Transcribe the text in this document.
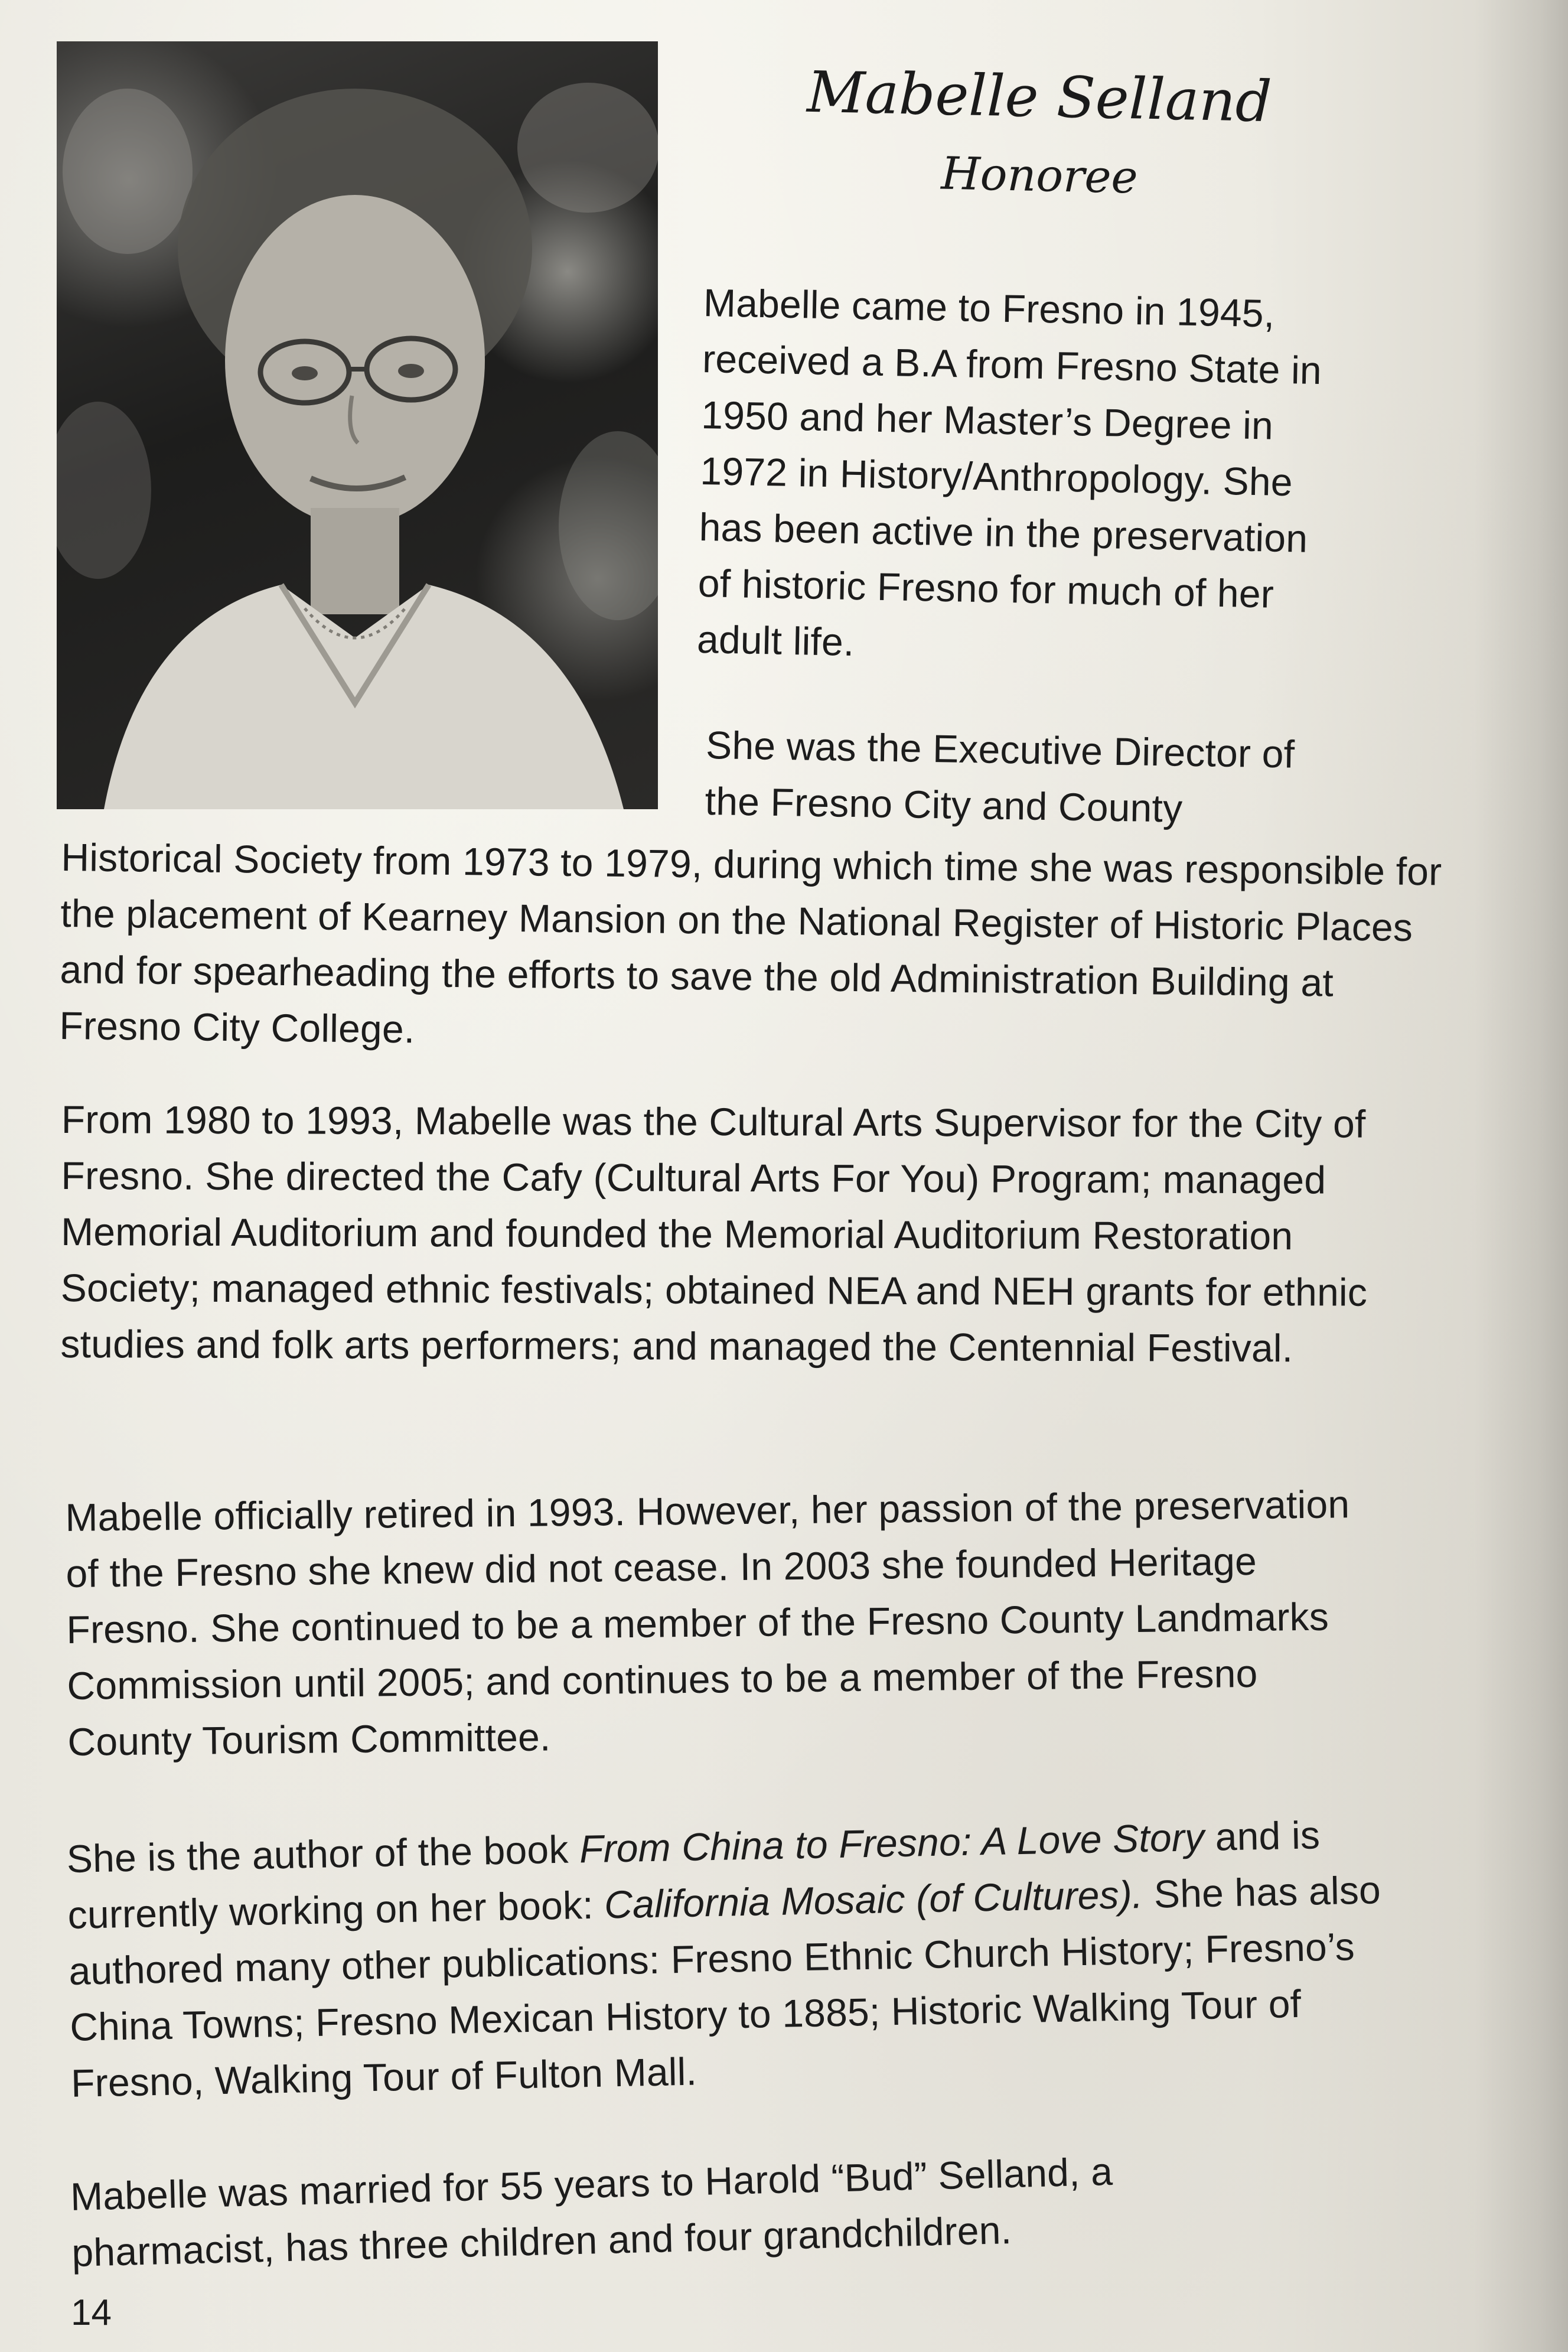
Mabelle Selland
Honoree

Mabelle came to Fresno in 1945, received a B.A from Fresno State in 1950 and her Master’s Degree in 1972 in History/Anthropology. She has been active in the preservation of historic Fresno for much of her adult life.

She was the Executive Director of the Fresno City and County

Historical Society from 1973 to 1979, during which time she was responsible for the placement of Kearney Mansion on the National Register of Historic Places and for spearheading the efforts to save the old Administration Building at Fresno City College.

From 1980 to 1993, Mabelle was the Cultural Arts Supervisor for the City of Fresno. She directed the Cafy (Cultural Arts For You) Program; managed Memorial Auditorium and founded the Memorial Auditorium Restoration Society; managed ethnic festivals; obtained NEA and NEH grants for ethnic studies and folk arts performers; and managed the Centennial Festival.

Mabelle officially retired in 1993. However, her passion of the preservation of the Fresno she knew did not cease. In 2003 she founded Heritage Fresno. She continued to be a member of the Fresno County Landmarks Commission until 2005; and continues to be a member of the Fresno County Tourism Committee.

She is the author of the book From China to Fresno: A Love Story and is currently working on her book: California Mosaic (of Cultures). She has also authored many other publications: Fresno Ethnic Church History; Fresno’s China Towns; Fresno Mexican History to 1885; Historic Walking Tour of Fresno, Walking Tour of Fulton Mall.

Mabelle was married for 55 years to Harold “Bud” Selland, a pharmacist, has three children and four grandchildren.

14
